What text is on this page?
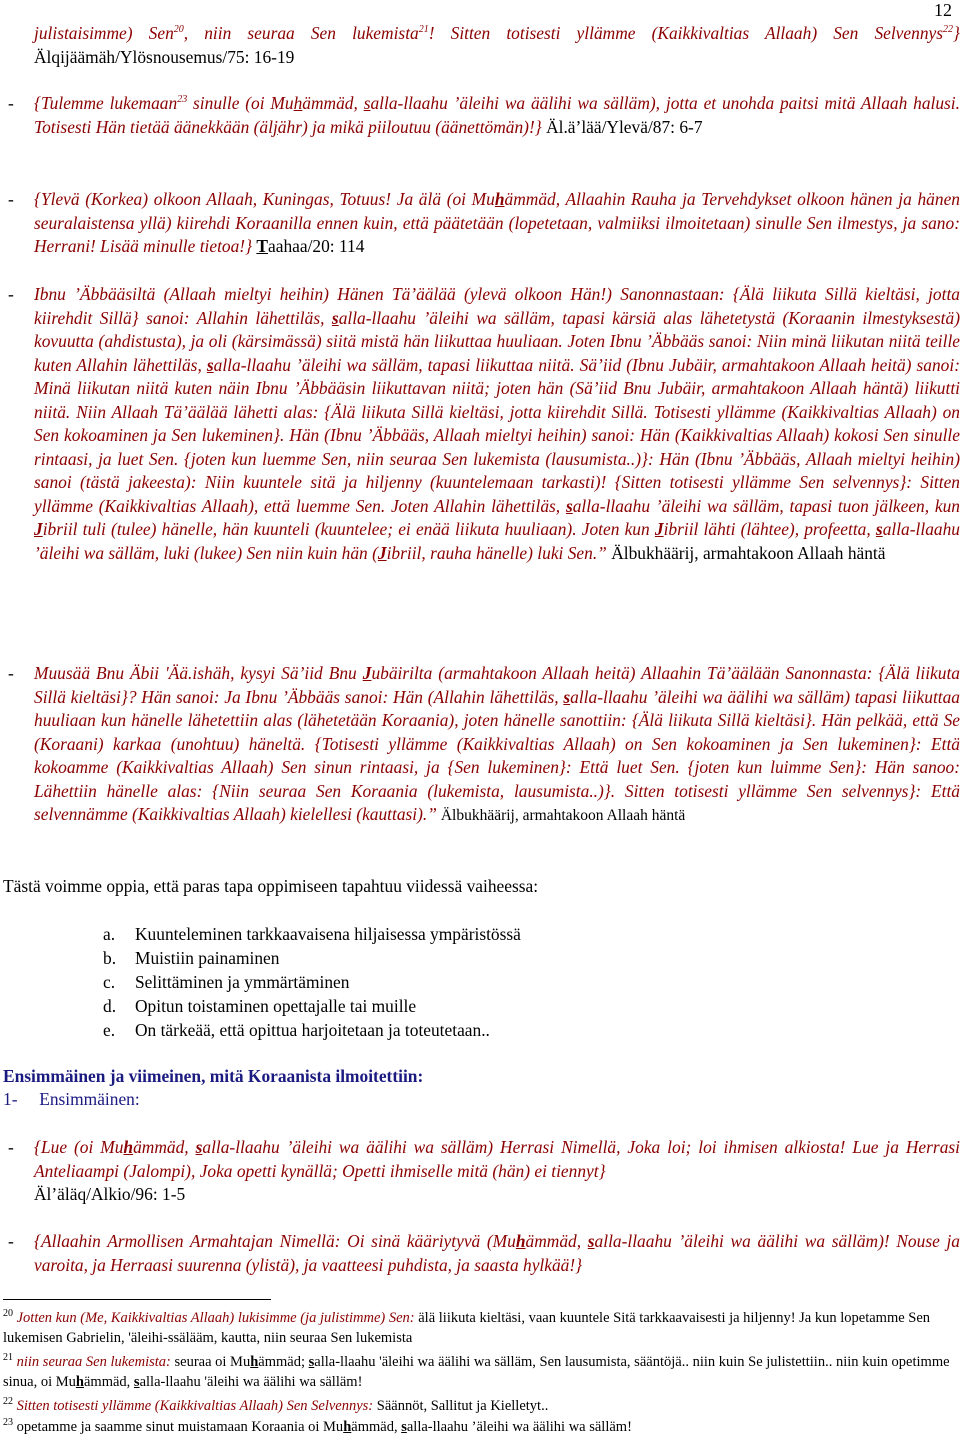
12
julistaisimme) Sen$^{20}$, niin seuraa Sen lukemista$^{21}$! Sitten totisesti yllämme (Kaikkivaltias Allaah) Sen Selvennys$^{22}$} Älqijäämäh/Ylösnousemus/75: 16-19
- {Tulemme lukemaan$^{23}$ sinulle (oi Muhämmäd, salla-llaahu ’äleihi wa äälihi wa sälläm), jotta et unohda paitsi mitä Allaah halusi. Totisesti Hän tietää äänekkään (äljähr) ja mikä piiloutuu (äänettömän)!} Äl.ä’lää/Ylevä/87: 6-7
- {Ylevä (Korkea) olkoon Allaah, Kuningas, Totuus! Ja älä (oi Muhämmäd, Allaahin Rauha ja Tervehdykset olkoon hänen ja hänen seuralaistensa yllä) kiirehdi Koraanilla ennen kuin, että päätetään (lopetetaan, valmiiksi ilmoitetaan) sinulle Sen ilmestys, ja sano: Herrani! Lisää minulle tietoa!} Taahaa/20: 114
- Ibnu ’Äbbääsiltä (Allaah mieltyi heihin) Hänen Tä’äälää (ylevä olkoon Hän!) Sanonnastaan: {Älä liikuta Sillä kieltäsi, jotta kiirehdit Sillä} sanoi: Allahin lähettiläs, salla-llaahu ’äleihi wa sälläm, tapasi kärsiä alas lähetetystä (Koraanin ilmestyksestä) kovuutta (ahdistusta), ja oli (kärsimässä) siitä mistä hän liikuttaa huuliaan. Joten Ibnu ’Äbbääs sanoi: Niin minä liikutan niitä teille kuten Allahin lähettiläs, salla-llaahu ’äleihi wa sälläm, tapasi liikuttaa niitä. Sä’iid (Ibnu Jubäir, armahtakoon Allaah heitä) sanoi: Minä liikutan niitä kuten näin Ibnu ’Äbbääsin liikuttavan niitä; joten hän (Sä’iid Bnu Jubäir, armahtakoon Allaah häntä) liikutti niitä. Niin Allaah Tä’äälää lähetti alas: {Älä liikuta Sillä kieltäsi, jotta kiirehdit Sillä. Totisesti yllämme (Kaikkivaltias Allaah) on Sen kokoaminen ja Sen lukeminen}. Hän (Ibnu ’Äbbääs, Allaah mieltyi heihin) sanoi: Hän (Kaikkivaltias Allaah) kokosi Sen sinulle rintaasi, ja luet Sen. {joten kun luemme Sen, niin seuraa Sen lukemista (lausumista..)}: Hän (Ibnu ’Äbbääs, Allaah mieltyi heihin) sanoi (tästä jakeesta): Niin kuuntele sitä ja hiljenny (kuuntelemaan tarkasti)! {Sitten totisesti yllämme Sen selvennys}: Sitten yllämme (Kaikkivaltias Allaah), että luemme Sen. Joten Allahin lähettiläs, salla-llaahu ’äleihi wa sälläm, tapasi tuon jälkeen, kun Jibriil tuli (tulee) hänelle, hän kuunteli (kuuntelee; ei enää liikuta huuliaan). Joten kun Jibriil lähti (lähtee), profeetta, salla-llaahu ’äleihi wa sälläm, luki (lukee) Sen niin kuin hän (Jibriil, rauha hänelle) luki Sen.” Älbukhäärij, armahtakoon Allaah häntä
- Muusää Bnu Äbii 'Ää.ishäh, kysyi Sä’iid Bnu Jubäirilta (armahtakoon Allaah heitä) Allaahin Tä’äälään Sanonnasta: {Älä liikuta Sillä kieltäsi}? Hän sanoi: Ja Ibnu ’Äbbääs sanoi: Hän (Allahin lähettiläs, salla-llaahu ’äleihi wa äälihi wa sälläm) tapasi liikuttaa huuliaan kun hänelle lähetettiin alas (lähetetään Koraania), joten hänelle sanottiin: {Älä liikuta Sillä kieltäsi}. Hän pelkää, että Se (Koraani) karkaa (unohtuu) häneltä. {Totisesti yllämme (Kaikkivaltias Allaah) on Sen kokoaminen ja Sen lukeminen}: Että kokoamme (Kaikkivaltias Allaah) Sen sinun rintaasi, ja {Sen lukeminen}: Että luet Sen. {joten kun luimme Sen}: Hän sanoo: Lähettiin hänelle alas: {Niin seuraa Sen Koraania (lukemista, lausumista..)}. Sitten totisesti yllämme Sen selvennys}: Että selvennämme (Kaikkivaltias Allaah) kielellesi (kauttasi).” Älbukhäärij, armahtakoon Allaah häntä
Tästä voimme oppia, että paras tapa oppimiseen tapahtuu viidessä vaiheessa:
a. Kuunteleminen tarkkaavaisena hiljaisessa ympäristössä
b. Muistiin painaminen
c. Selittäminen ja ymmärtäminen
d. Opitun toistaminen opettajalle tai muille
e. On tärkeää, että opittua harjoitetaan ja toteutetaan..
Ensimmäinen ja viimeinen, mitä Koraanista ilmoitettiin:
1-     Ensimmäinen:
- {Lue (oi Muhämmäd, salla-llaahu ’äleihi wa äälihi wa sälläm) Herrasi Nimellä, Joka loi; loi ihmisen alkiosta! Lue ja Herrasi Anteliaampi (Jalompi), Joka opetti kynällä; Opetti ihmiselle mitä (hän) ei tiennyt}
Äl’äläq/Alkio/96: 1-5
- {Allaahin Armollisen Armahtajan Nimellä: Oi sinä kääriytyvä (Muhämmäd, salla-llaahu ’äleihi wa äälihi wa sälläm)! Nouse ja varoita, ja Herraasi suurenna (ylistä), ja vaatteesi puhdista, ja saasta hylkää!}
$^{20}$ Jotten kun (Me, Kaikkivaltias Allaah) lukisimme (ja julistimme) Sen: älä liikuta kieltäsi, vaan kuuntele Sitä tarkkaavaisesti ja hiljenny! Ja kun lopetamme Sen lukemisen Gabrielin, 'äleihi-ssälääm, kautta, niin seuraa Sen lukemista
$^{21}$ niin seuraa Sen lukemista: seuraa oi Muhämmäd; salla-llaahu 'äleihi wa äälihi wa sälläm, Sen lausumista, sääntöjä.. niin kuin Se julistettiin.. niin kuin opetimme sinua, oi Muhämmäd, salla-llaahu 'äleihi wa äälihi wa sälläm!
$^{22}$ Sitten totisesti yllämme (Kaikkivaltias Allaah) Sen Selvennys: Säännöt, Sallitut ja Kielletyt..
$^{23}$ opetamme ja saamme sinut muistamaan Koraania oi Muhämmäd, salla-llaahu ’äleihi wa äälihi wa sälläm!
